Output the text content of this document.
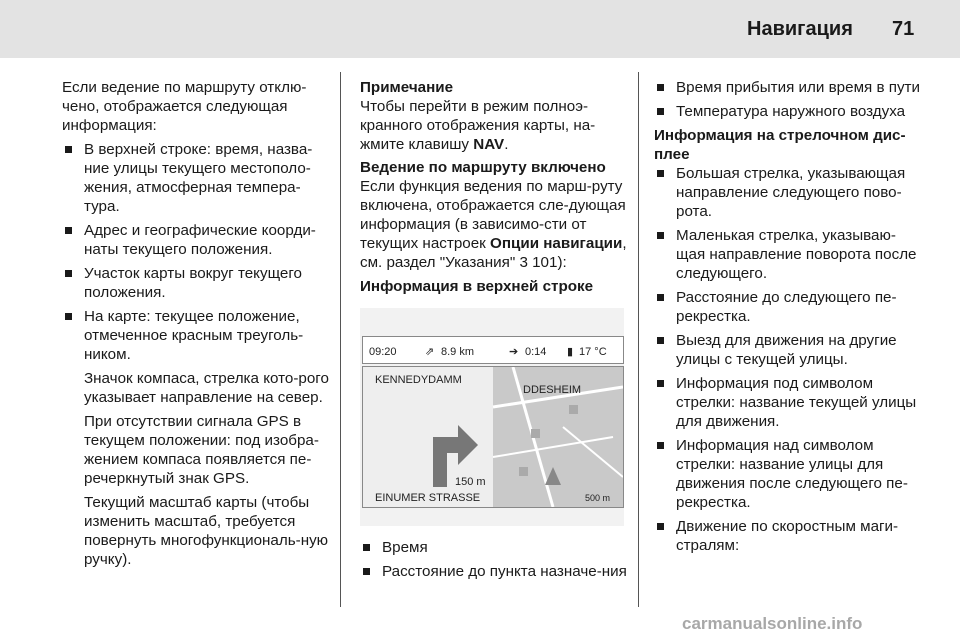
Навигация 71

Если ведение по маршруту отклю-чено, отображается следующая информация:

В верхней строке: время, назва-ние улицы текущего местополо-жения, атмосферная темпера-тура.
Адрес и географические коорди-наты текущего положения.
Участок карты вокруг текущего положения.
На карте: текущее положение, отмеченное красным треуголь-ником.

Значок компаса, стрелка кото-рого указывает направление на север.

При отсутствии сигнала GPS в текущем положении: под изобра-жением компаса появляется пе-речеркнутый знак GPS.

Текущий масштаб карты (чтобы изменить масштаб, требуется повернуть многофункциональ-ную ручку).

Примечание
Чтобы перейти в режим полноэ-кранного отображения карты, на-жмите клавишу NAV.
Ведение по маршруту включено

Если функция ведения по марш-руту включена, отображается сле-дующая информация (в зависимо-сти от текущих настроек Опции навигации, см. раздел "Указания" 3 101):

Информация в верхней строке
09:20	⇗ 8.9 km	➔ 0:14 ▮ 17 °C
KENNEDYDAMM
DDESHEIM
150 m
EINUMER STRASSE	500 m
Время
Расстояние до пункта назначе-ния
Время прибытия или время в пути
Температура наружного воздуха
Информация на стрелочном дис-плее
Большая стрелка, указывающая направление следующего пово-рота.
Маленькая стрелка, указываю-щая направление поворота после следующего.
Расстояние до следующего пе-рекрестка.
Выезд для движения на другие улицы с текущей улицы.
Информация под символом стрелки: название текущей улицы для движения.
Информация над символом стрелки: название улицы для движения после следующего пе-рекрестка.
Движение по скоростным маги-стралям:
carmanualsonline.info
